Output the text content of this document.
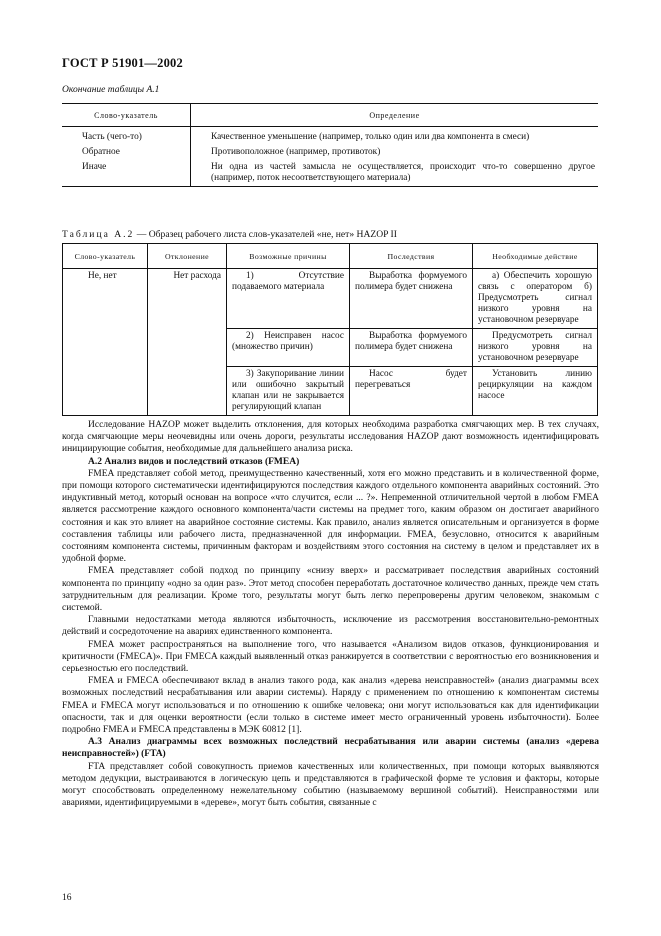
ГОСТ Р 51901—2002
Окончание таблицы А.1
Слово-указатель	Определение
Часть (чего-то)	Качественное уменьшение (например, только один или два компонента в смеси)
Обратное	Противоположное (например, противоток)
Иначе	Ни одна из частей замысла не осуществляется, происходит что-то совершенно другое (например, поток несоответствующего материала)
Таблица А.2 — Образец рабочего листа слов-указателей «не, нет» HAZOP II
Слово-указатель	Отклонение	Возможные причины	Последствия	Необходимые действие
Не, нет	Нет расхода	1) Отсутствие подаваемого материала	Выработка формуемого полимера будет снижена	а) Обеспечить хорошую связь с оператором б) Предусмотреть сигнал низкого уровня на установочном резервуаре
		2) Неисправен насос (множество причин)	Выработка формуемого полимера будет снижена	Предусмотреть сигнал низкого уровня на установочном резервуаре
		3) Закупоривание линии или ошибочно закрытый клапан или не закрывается регулирующий клапан	Насос будет перегреваться	Установить линию рециркуляции на каждом насосе

Исследование HAZOP может выделить отклонения, для которых необходима разработка смягчающих мер. В тех случаях, когда смягчающие меры неочевидны или очень дороги, результаты исследования HAZOP дают возможность идентифицировать инициирующие события, необходимые для дальнейшего анализа риска.

А.2 Анализ видов и последствий отказов (FMEA)

FMEA представляет собой метод, преимущественно качественный, хотя его можно представить и в количественной форме, при помощи которого систематически идентифицируются последствия каждого отдельного компонента аварийных состояний. Это индуктивный метод, который основан на вопросе «что случится, если ... ?». Непременной отличительной чертой в любом FMEA является рассмотрение каждого основного компонента/части системы на предмет того, каким образом он достигает аварийного состояния и как это влияет на аварийное состояние системы. Как правило, анализ является описательным и организуется в форме составления таблицы или рабочего листа, предназначенной для информации. FMEA, безусловно, относится к аварийным состояниям компонента системы, причинным факторам и воздействиям этого состояния на систему в целом и представляет их в удобной форме.

FMEA представляет собой подход по принципу «снизу вверх» и рассматривает последствия аварийных состояний компонента по принципу «одно за один раз». Этот метод способен переработать достаточное количество данных, прежде чем стать затруднительным для реализации. Кроме того, результаты могут быть легко перепроверены другим человеком, знакомым с системой.

Главными недостатками метода являются избыточность, исключение из рассмотрения восстановительно-ремонтных действий и сосредоточение на авариях единственного компонента.

FMEA может распространяться на выполнение того, что называется «Анализом видов отказов, функционирования и критичности (FMECA)». При FMECA каждый выявленный отказ ранжируется в соответствии с вероятностью его возникновения и серьезностью его последствий.

FMEA и FMECA обеспечивают вклад в анализ такого рода, как анализ «дерева неисправностей» (анализ диаграммы всех возможных последствий несрабатывания или аварии системы). Наряду с применением по отношению к компонентам системы FMEA и FMECA могут использоваться и по отношению к ошибке человека; они могут использоваться как для идентификации опасности, так и для оценки вероятности (если только в системе имеет место ограниченный уровень избыточности). Более подробно FMEA и FMECA представлены в МЭК 60812 [1].

А.3 Анализ диаграммы всех возможных последствий несрабатывания или аварии системы (анализ «дерева неисправностей») (FTA)

FTA представляет собой совокупность приемов качественных или количественных, при помощи которых выявляются методом дедукции, выстраиваются в логическую цепь и представляются в графической форме те условия и факторы, которые могут способствовать определенному нежелательному событию (называемому вершиной событий). Неисправностями или авариями, идентифицируемыми в «дереве», могут быть события, связанные с

16
